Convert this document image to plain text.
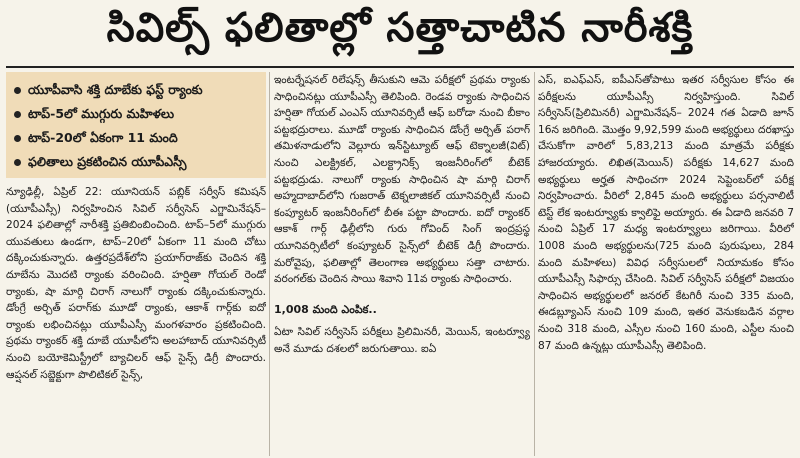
సివిల్స్ ఫలితాల్లో సత్తాచాటిన నారీశక్తి
యూపీవాసి శక్తి దూబేకు ఫస్ట్ ర్యాంకు
టాప్-5లో ముగ్గురు మహిళలు
టాప్-20లో ఏకంగా 11 మంది
ఫలితాలు ప్రకటించిన యూపీఎస్సీ

న్యూఢిల్లీ, ఏప్రిల్ 22: యూనియన్ పబ్లిక్ సర్వీస్ కమిషన్ (యూపీఎస్సీ) నిర్వహించిన సివిల్ సర్వీసెస్ ఎగ్జామినేషన్– 2024 ఫలితాల్లో నారీశక్తి ప్రతిబింబించింది. టాప్–5లో ముగ్గురు యువతులు ఉండగా, టాప్–20లో ఏకంగా 11 మంది చోటు దక్కించుకున్నారు. ఉత్తరప్రదేశ్‌లోని ప్రయాగ్‌రాజ్‌కు చెందిన శక్తి దూబేను మొదటి ర్యాంకు వరించింది. హర్షితా గోయల్ రెండో ర్యాంకు, షా మార్గి చిరాగ్ నాలుగో ర్యాంకు దక్కించుకున్నారు. డోంగ్రే అర్చిత్ పరాగ్‌కు మూడో ర్యాంకు, ఆకాశ్ గార్గ్‌కు ఐదో ర్యాంకు లభించినట్లు యూపీఎస్సీ మంగళవారం ప్రకటించింది. ప్రథమ ర్యాంకర్ శక్తి దూబే యూపీలోని అలహాబాద్ యూనివర్సిటీ నుంచి బయోకెమిస్ట్రీలో బ్యాచిలర్ ఆఫ్ సైన్స్ డిగ్రీ పొందారు. ఆప్షనల్ సబ్జెక్టుగా పొలిటికల్ సైన్స్,

ఇంటర్నేషనల్ రిలేషన్స్ తీసుకుని ఆమె పరీక్షలో ప్రథమ ర్యాంకు సాధించినట్లు యూపీఎస్సీ తెలిపింది. రెండవ ర్యాంకు సాధించిన హర్షితా గోయల్ ఎంఎస్ యూనివర్సిటీ ఆఫ్ బరోడా నుంచి బీకాం పట్టభద్రురాలు. మూడో ర్యాంకు సాధించిన డోంగ్రే అర్చిత్ పరాగ్ తమిళనాడులోని వెల్లూరు ఇన్‌స్టిట్యూట్ ఆఫ్ టెక్నాలజీ(విట్) నుంచి ఎలక్ట్రికల్, ఎలక్ట్రానిక్స్ ఇంజనీరింగ్‌లో బీటెక్ పట్టభద్రుడు. నాలుగో ర్యాంకు సాధించిన షా మార్గి చిరాగ్ అహ్మదాబాద్‌లోని గుజరాత్ టెక్నలాజికల్ యూనివర్సిటీ నుంచి కంప్యూటర్ ఇంజనీరింగ్‌లో బీఈ పట్టా పొందారు. ఐదో ర్యాంకర్ ఆకాశ్ గార్గ్ ఢిల్లీలోని గురు గోవింద్ సింగ్ ఇంద్రప్రస్థ యూనివర్సిటీలో కంప్యూటర్ సైన్స్‌లో బీటెక్ డిగ్రీ పొందారు. మరోవైపు, ఫలితాల్లో తెలంగాణ అభ్యర్థులు సత్తా చాటారు. వరంగల్‌కు చెందిన సాయి శివాని 11వ ర్యాంకు సాధించారు.

1,008 మంది ఎంపిక..

ఏటా సివిల్ సర్వీసెస్ పరీక్షలు ప్రిలిమినరీ, మెయిన్, ఇంటర్వ్యూ అనే మూడు దశలలో జరుగుతాయి. ఐఏ

ఎస్, ఐఎఫ్ఎస్, ఐపీఎస్‌తోపాటు ఇతర సర్వీసుల కోసం ఈ పరీక్షలను యూపీఎస్సీ నిర్వహిస్తుంది. సివిల్ సర్వీసెస్(ప్రిలిమినరీ) ఎగ్జామినేషన్– 2024 గత ఏడాది జూన్ 16న జరిగింది. మొత్తం 9,92,599 మంది అభ్యర్థులు దరఖాస్తు చేసుకోగా వారిలో 5,83,213 మంది మాత్రమే పరీక్షకు హాజరయ్యారు. లిఖిత(మెయిన్) పరీక్షకు 14,627 మంది అభ్యర్థులు అర్హత సాధించగా 2024 సెప్టెంబర్‌లో పరీక్ష నిర్వహించారు. వీరిలో 2,845 మంది అభ్యర్థులు పర్సనాలిటీ టెస్ట్ లేక ఇంటర్వ్యూకు క్వాలిఫై అయ్యారు. ఈ ఏడాది జనవరి 7 నుంచి ఏప్రిల్ 17 మధ్య ఇంటర్వ్యూలు జరిగాయి. వీరిలో 1008 మంది అభ్యర్థులను(725 మంది పురుషులు, 284 మంది మహిళలు) వివిధ సర్వీసులలో నియామకం కోసం యూపీఎస్సీ సిఫార్సు చేసింది. సివిల్ సర్వీసెస్ పరీక్షలో విజయం సాధించిన అభ్యర్థులలో జనరల్ కేటగిరీ నుంచి 335 మంది, ఈడబ్ల్యూఎస్ నుంచి 109 మంది, ఇతర వెనుకబడిన వర్గాల నుంచి 318 మంది, ఎస్సీల నుంచి 160 మంది, ఎస్టీల నుంచి 87 మంది ఉన్నట్లు యూపీఎస్సీ తెలిపింది.
